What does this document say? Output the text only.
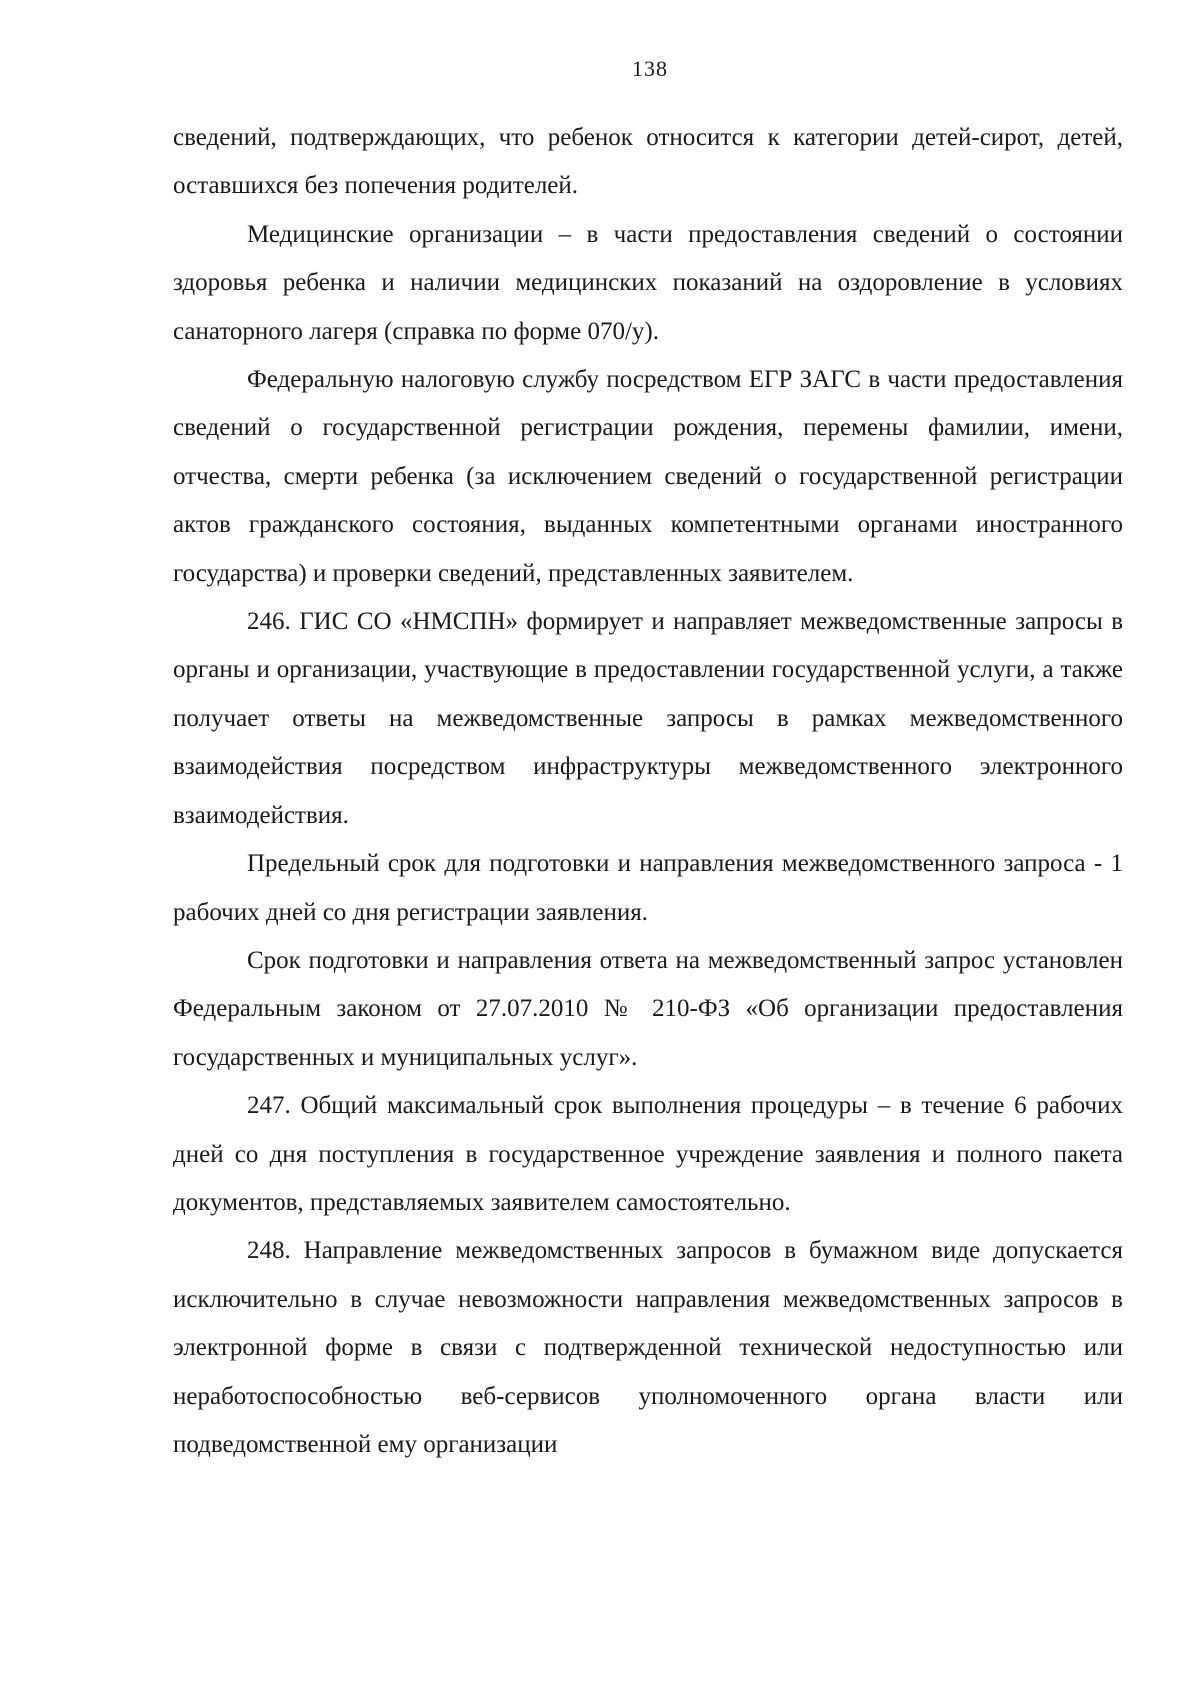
138

сведений, подтверждающих, что ребенок относится к категории детей-сирот, детей, оставшихся без попечения родителей.

Медицинские организации – в части предоставления сведений о состоянии здоровья ребенка и наличии медицинских показаний на оздоровление в условиях санаторного лагеря (справка по форме 070/у).

Федеральную налоговую службу посредством ЕГР ЗАГС в части предоставления сведений о государственной регистрации рождения, перемены фамилии, имени, отчества, смерти ребенка (за исключением сведений о государственной регистрации актов гражданского состояния, выданных компетентными органами иностранного государства) и проверки сведений, представленных заявителем.

246. ГИС СО «НМСПН» формирует и направляет межведомственные запросы в органы и организации, участвующие в предоставлении государственной услуги, а также получает ответы на межведомственные запросы в рамках межведомственного взаимодействия посредством инфраструктуры межведомственного электронного взаимодействия.

Предельный срок для подготовки и направления межведомственного запроса - 1 рабочих дней со дня регистрации заявления.

Срок подготовки и направления ответа на межведомственный запрос установлен Федеральным законом от 27.07.2010 № 210-ФЗ «Об организации предоставления государственных и муниципальных услуг».

247. Общий максимальный срок выполнения процедуры – в течение 6 рабочих дней со дня поступления в государственное учреждение заявления и полного пакета документов, представляемых заявителем самостоятельно.

248. Направление межведомственных запросов в бумажном виде допускается исключительно в случае невозможности направления межведомственных запросов в электронной форме в связи с подтвержденной технической недоступностью или неработоспособностью веб-сервисов уполномоченного органа власти или подведомственной ему организации
